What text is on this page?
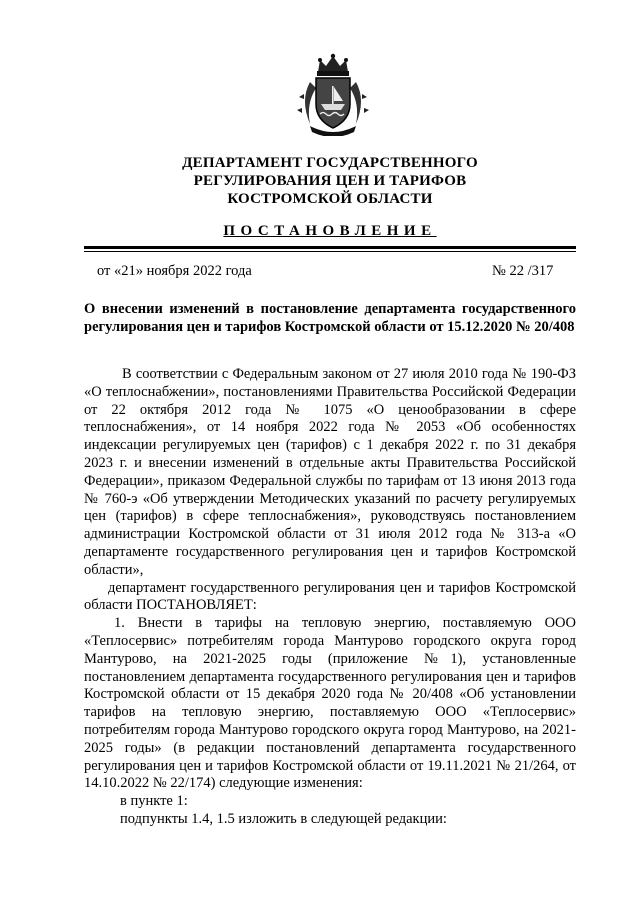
ДЕПАРТАМЕНТ ГОСУДАРСТВЕННОГО
РЕГУЛИРОВАНИЯ ЦЕН И ТАРИФОВ
КОСТРОМСКОЙ ОБЛАСТИ
ПОСТАНОВЛЕНИЕ
от «21» ноября 2022 года	№ 22 /317
О внесении изменений в постановление департамента государственного регулирования цен и тарифов Костромской области от 15.12.2020 № 20/408

В соответствии с Федеральным законом от 27 июля 2010 года № 190-ФЗ «О теплоснабжении», постановлениями Правительства Российской Федерации от 22 октября 2012 года № 1075 «О ценообразовании в сфере теплоснабжения», от 14 ноября 2022 года № 2053 «Об особенностях индексации регулируемых цен (тарифов) с 1 декабря 2022 г. по 31 декабря 2023 г. и внесении изменений в отдельные акты Правительства Российской Федерации», приказом Федеральной службы по тарифам от 13 июня 2013 года № 760-э «Об утверждении Методических указаний по расчету регулируемых цен (тарифов) в сфере теплоснабжения», руководствуясь постановлением администрации Костромской области от 31 июля 2012 года № 313-а «О департаменте государственного регулирования цен и тарифов Костромской области»,

департамент государственного регулирования цен и тарифов Костромской области ПОСТАНОВЛЯЕТ:

1. Внести в тарифы на тепловую энергию, поставляемую ООО «Теплосервис» потребителям города Мантурово городского округа город Мантурово, на 2021-2025 годы (приложение №1), установленные постановлением департамента государственного регулирования цен и тарифов Костромской области от 15 декабря 2020 года № 20/408 «Об установлении тарифов на тепловую энергию, поставляемую ООО «Теплосервис» потребителям города Мантурово городского округа город Мантурово, на 2021-2025 годы» (в редакции постановлений департамента государственного регулирования цен и тарифов Костромской области от 19.11.2021 № 21/264, от 14.10.2022 № 22/174) следующие изменения:

в пункте 1:

подпункты 1.4, 1.5 изложить в следующей редакции:
